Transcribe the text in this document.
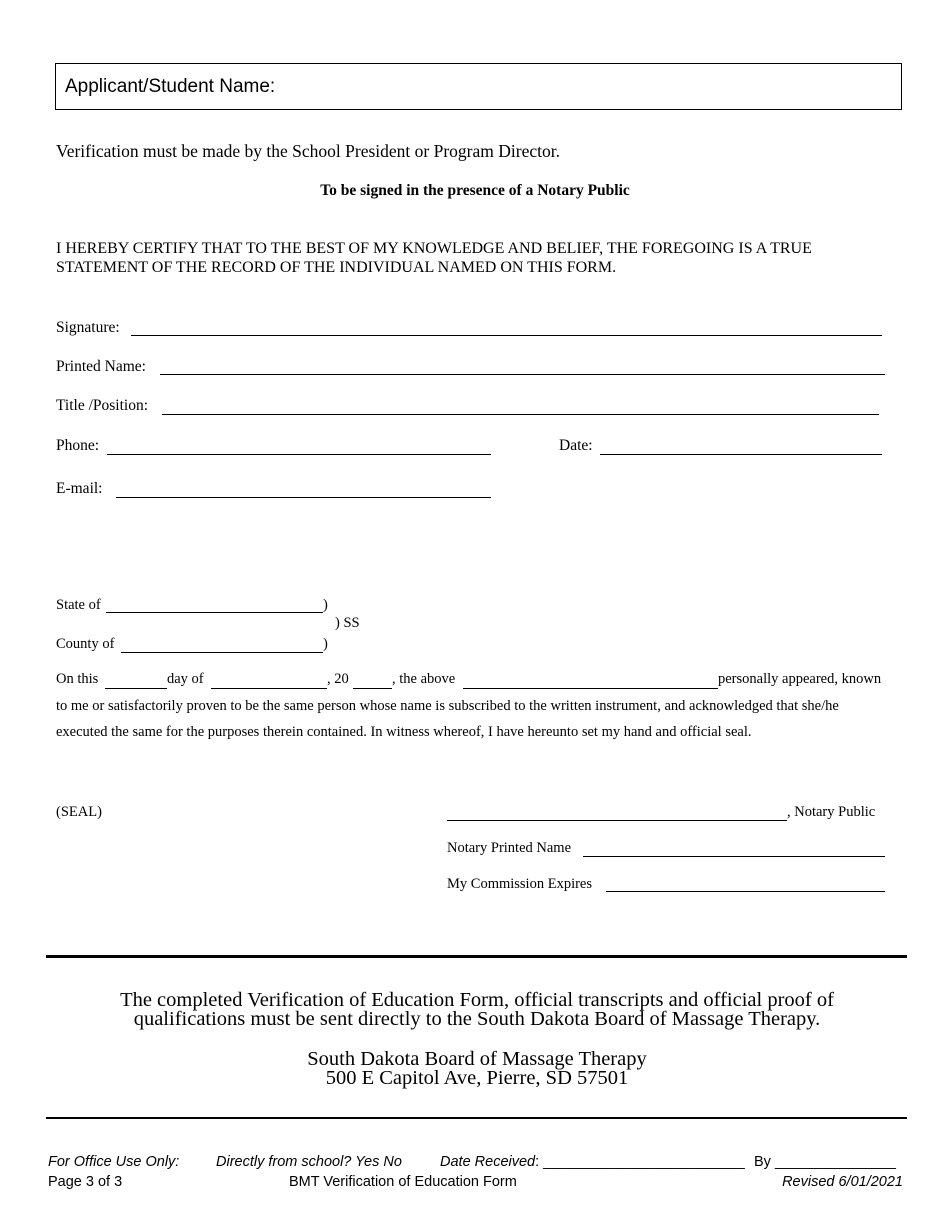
Applicant/Student Name:
Verification must be made by the School President or Program Director.
To be signed in the presence of a Notary Public
I HEREBY CERTIFY THAT TO THE BEST OF MY KNOWLEDGE AND BELIEF, THE FOREGOING IS A TRUE
STATEMENT OF THE RECORD OF THE INDIVIDUAL NAMED ON THIS FORM.
Signature:
Printed Name:
Title /Position:
Phone:	Date:
E-mail:
State of	)
) SS
County of	)
On this	day of	, 20	, the above	personally appeared, known
to me or satisfactorily proven to be the same person whose name is subscribed to the written instrument, and acknowledged that she/he
executed the same for the purposes therein contained. In witness whereof, I have hereunto set my hand and official seal.
(SEAL)	, Notary Public
Notary Printed Name
My Commission Expires
The completed Verification of Education Form, official transcripts and official proof of
qualifications must be sent directly to the South Dakota Board of Massage Therapy.
South Dakota Board of Massage Therapy
500 E Capitol Ave, Pierre, SD 57501
For Office Use Only:	Directly from school? Yes No	Date Received: _________________________ By _______________
Page 3 of 3	BMT Verification of Education Form	Revised 6/01/2021
